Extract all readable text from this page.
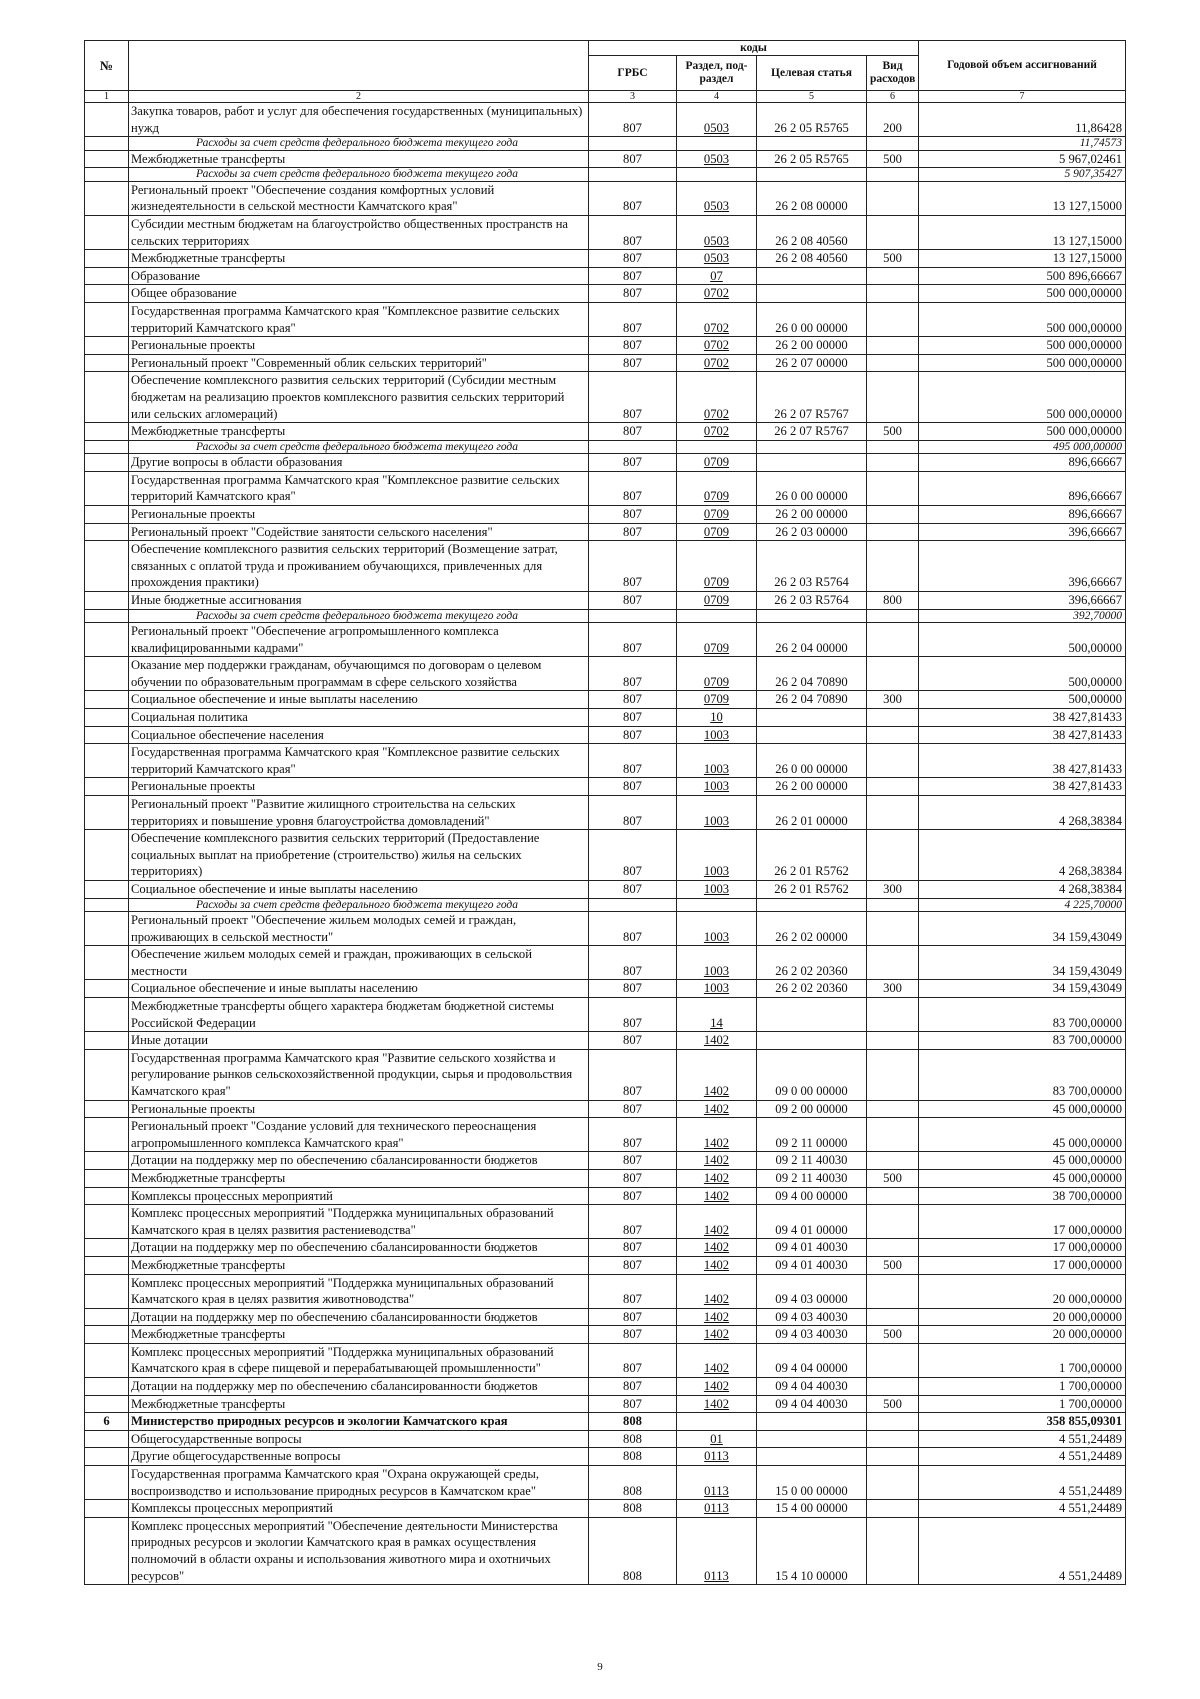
№		коды				Годовой объем ассигнований
		ГРБС	Раздел, под-раздел	Целевая статья	Вид расходов	
1	2	3	4	5	6	7
	Закупка товаров, работ и услуг для обеспечения государственных (муниципальных) нужд	807	0503	26 2 05 R5765	200	11,86428
	Расходы за счет средств федерального бюджета текущего года					11,74573
	Межбюджетные трансферты	807	0503	26 2 05 R5765	500	5 967,02461
	Расходы за счет средств федерального бюджета текущего года					5 907,35427
	Региональный проект "Обеспечение создания комфортных условий жизнедеятельности в сельской местности Камчатского края"	807	0503	26 2 08 00000		13 127,15000
	Субсидии местным бюджетам на благоустройство общественных пространств на сельских территориях	807	0503	26 2 08 40560		13 127,15000
	Межбюджетные трансферты	807	0503	26 2 08 40560	500	13 127,15000
	Образование	807	07			500 896,66667
	Общее образование	807	0702			500 000,00000
	Государственная программа Камчатского края "Комплексное развитие сельских территорий Камчатского края"	807	0702	26 0 00 00000		500 000,00000
	Региональные проекты	807	0702	26 2 00 00000		500 000,00000
	Региональный проект "Современный облик сельских территорий"	807	0702	26 2 07 00000		500 000,00000
	Обеспечение комплексного развития сельских территорий (Субсидии местным бюджетам на реализацию проектов комплексного развития сельских территорий или сельских агломераций)	807	0702	26 2 07 R5767		500 000,00000
	Межбюджетные трансферты	807	0702	26 2 07 R5767	500	500 000,00000
	Расходы за счет средств федерального бюджета текущего года					495 000,00000
	Другие вопросы в области образования	807	0709			896,66667
	Государственная программа Камчатского края "Комплексное развитие сельских территорий Камчатского края"	807	0709	26 0 00 00000		896,66667
	Региональные проекты	807	0709	26 2 00 00000		896,66667
	Региональный проект "Содействие занятости сельского населения"	807	0709	26 2 03 00000		396,66667
	Обеспечение комплексного развития сельских территорий (Возмещение затрат, связанных с оплатой труда и проживанием обучающихся, привлеченных для прохождения практики)	807	0709	26 2 03 R5764		396,66667
	Иные бюджетные ассигнования	807	0709	26 2 03 R5764	800	396,66667
	Расходы за счет средств федерального бюджета текущего года					392,70000
	Региональный проект "Обеспечение агропромышленного комплекса квалифицированными кадрами"	807	0709	26 2 04 00000		500,00000
	Оказание мер поддержки гражданам, обучающимся по договорам о целевом обучении по образовательным программам в сфере сельского хозяйства	807	0709	26 2 04 70890		500,00000
	Социальное обеспечение и иные выплаты населению	807	0709	26 2 04 70890	300	500,00000
	Социальная политика	807	10			38 427,81433
	Социальное обеспечение населения	807	1003			38 427,81433
	Государственная программа Камчатского края "Комплексное развитие сельских территорий Камчатского края"	807	1003	26 0 00 00000		38 427,81433
	Региональные проекты	807	1003	26 2 00 00000		38 427,81433
	Региональный проект "Развитие жилищного строительства на сельских территориях и повышение уровня благоустройства домовладений"	807	1003	26 2 01 00000		4 268,38384
	Обеспечение комплексного развития сельских территорий (Предоставление социальных выплат на приобретение (строительство) жилья на сельских территориях)	807	1003	26 2 01 R5762		4 268,38384
	Социальное обеспечение и иные выплаты населению	807	1003	26 2 01 R5762	300	4 268,38384
	Расходы за счет средств федерального бюджета текущего года					4 225,70000
	Региональный проект "Обеспечение жильем молодых семей и граждан, проживающих в сельской местности"	807	1003	26 2 02 00000		34 159,43049
	Обеспечение жильем молодых семей и граждан, проживающих в сельской местности	807	1003	26 2 02 20360		34 159,43049
	Социальное обеспечение и иные выплаты населению	807	1003	26 2 02 20360	300	34 159,43049
	Межбюджетные трансферты общего характера бюджетам бюджетной системы Российской Федерации	807	14			83 700,00000
	Иные дотации	807	1402			83 700,00000
	Государственная программа Камчатского края "Развитие сельского хозяйства и регулирование рынков сельскохозяйственной продукции, сырья и продовольствия Камчатского края"	807	1402	09 0 00 00000		83 700,00000
	Региональные проекты	807	1402	09 2 00 00000		45 000,00000
	Региональный проект "Создание условий для технического переоснащения агропромышленного комплекса Камчатского края"	807	1402	09 2 11 00000		45 000,00000
	Дотации на поддержку мер по обеспечению сбалансированности бюджетов	807	1402	09 2 11 40030		45 000,00000
	Межбюджетные трансферты	807	1402	09 2 11 40030	500	45 000,00000
	Комплексы процессных мероприятий	807	1402	09 4 00 00000		38 700,00000
	Комплекс процессных мероприятий "Поддержка муниципальных образований Камчатского края в целях развития растениеводства"	807	1402	09 4 01 00000		17 000,00000
	Дотации на поддержку мер по обеспечению сбалансированности бюджетов	807	1402	09 4 01 40030		17 000,00000
	Межбюджетные трансферты	807	1402	09 4 01 40030	500	17 000,00000
	Комплекс процессных мероприятий "Поддержка муниципальных образований Камчатского края в целях развития животноводства"	807	1402	09 4 03 00000		20 000,00000
	Дотации на поддержку мер по обеспечению сбалансированности бюджетов	807	1402	09 4 03 40030		20 000,00000
	Межбюджетные трансферты	807	1402	09 4 03 40030	500	20 000,00000
	Комплекс процессных мероприятий "Поддержка муниципальных образований Камчатского края в сфере пищевой и перерабатывающей промышленности"	807	1402	09 4 04 00000		1 700,00000
	Дотации на поддержку мер по обеспечению сбалансированности бюджетов	807	1402	09 4 04 40030		1 700,00000
	Межбюджетные трансферты	807	1402	09 4 04 40030	500	1 700,00000
6	Министерство природных ресурсов и экологии Камчатского края	808				358 855,09301
	Общегосударственные вопросы	808	01			4 551,24489
	Другие общегосударственные вопросы	808	0113			4 551,24489
	Государственная программа Камчатского края "Охрана окружающей среды, воспроизводство и использование природных ресурсов в Камчатском крае"	808	0113	15 0 00 00000		4 551,24489
	Комплексы процессных мероприятий	808	0113	15 4 00 00000		4 551,24489
	Комплекс процессных мероприятий "Обеспечение деятельности Министерства природных ресурсов и экологии Камчатского края в рамках осуществления полномочий в области охраны и использования животного мира и охотничьих ресурсов"	808	0113	15 4 10 00000		4 551,24489
9
